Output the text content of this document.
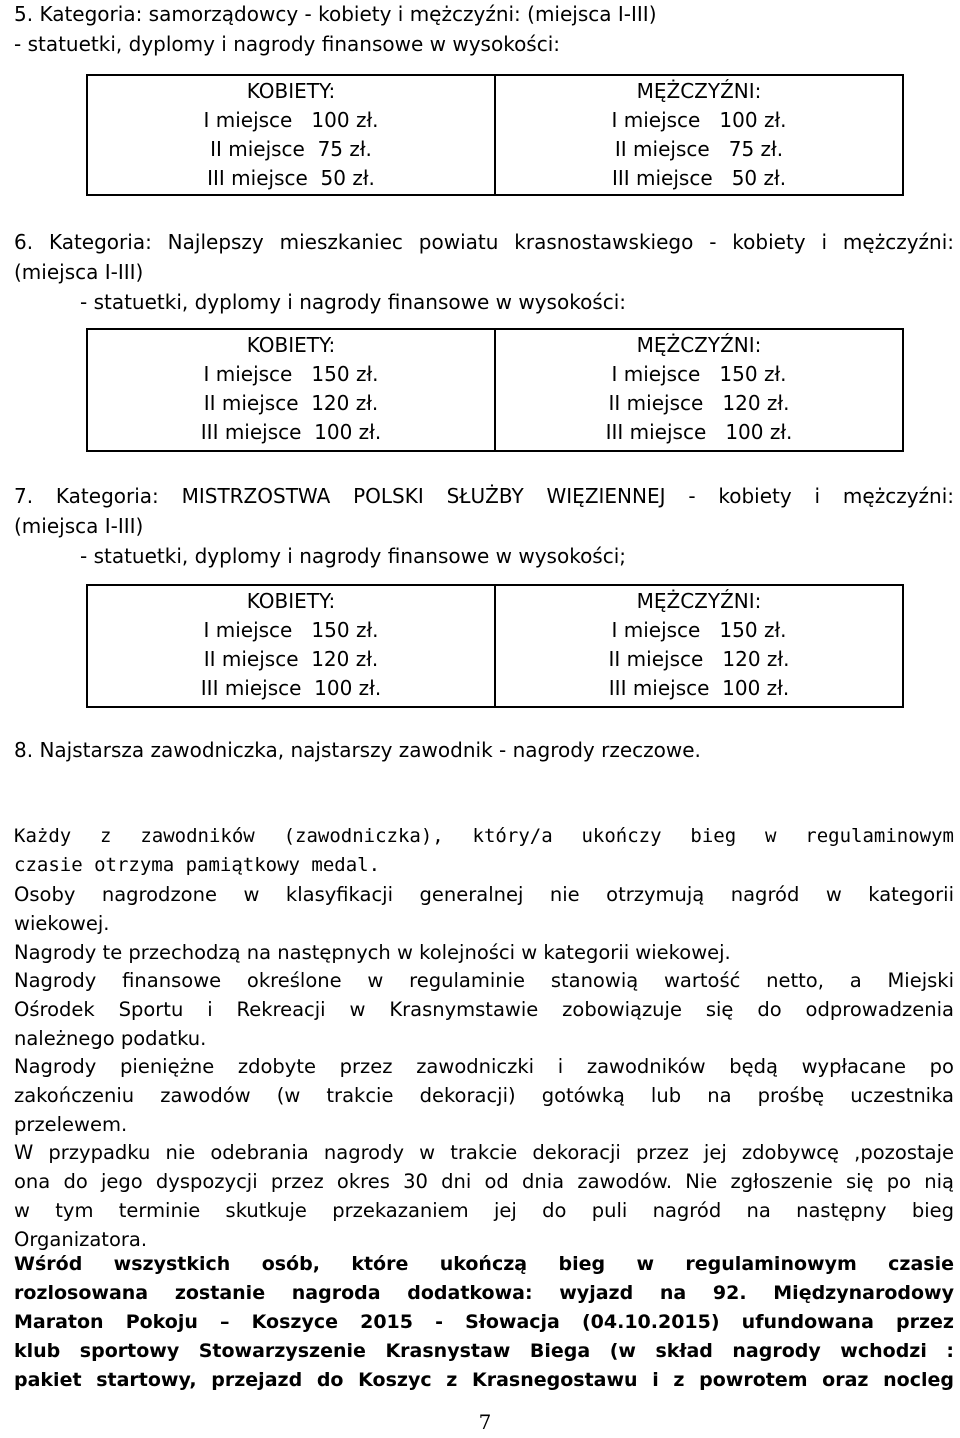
5. Kategoria: samorządowcy - kobiety i mężczyźni: (miejsca I-III)
- statuetki, dyplomy i nagrody finansowe w wysokości:
KOBIETY:
I miejsce   100 zł.
II miejsce  75 zł.
III miejsce  50 zł.
MĘŻCZYŹNI:
I miejsce   100 zł.
II miejsce   75 zł.
III miejsce   50 zł.
6. Kategoria: Najlepszy mieszkaniec powiatu krasnostawskiego - kobiety i mężczyźni:
(miejsca I-III)
- statuetki, dyplomy i nagrody finansowe w wysokości:
KOBIETY:
I miejsce   150 zł.
II miejsce  120 zł.
III miejsce  100 zł.
MĘŻCZYŹNI:
I miejsce   150 zł.
II miejsce   120 zł.
III miejsce   100 zł.
7. Kategoria: MISTRZOSTWA POLSKI SŁUŻBY WIĘZIENNEJ - kobiety i mężczyźni:
(miejsca I-III)
- statuetki, dyplomy i nagrody finansowe w wysokości;
KOBIETY:
I miejsce   150 zł.
II miejsce  120 zł.
III miejsce  100 zł.
MĘŻCZYŹNI:
I miejsce   150 zł.
II miejsce   120 zł.
III miejsce  100 zł.
8. Najstarsza zawodniczka, najstarszy zawodnik - nagrody rzeczowe.
Każdy z zawodników (zawodniczka), który/a ukończy bieg w regulaminowym
czasie otrzyma pamiątkowy medal.
Osoby nagrodzone w klasyfikacji generalnej nie otrzymują nagród w kategorii
wiekowej.
Nagrody te przechodzą na następnych w kolejności w kategorii wiekowej.
Nagrody finansowe określone w regulaminie stanowią wartość netto, a Miejski
Ośrodek Sportu i Rekreacji w Krasnymstawie zobowiązuje się do odprowadzenia
należnego podatku.
Nagrody pieniężne zdobyte przez zawodniczki i zawodników będą wypłacane po
zakończeniu zawodów (w trakcie dekoracji) gotówką lub na prośbę uczestnika
przelewem.
W przypadku nie odebrania nagrody w trakcie dekoracji przez jej zdobywcę ,pozostaje
ona do jego dyspozycji przez okres 30 dni od dnia zawodów. Nie zgłoszenie się po nią
w tym terminie skutkuje przekazaniem jej do puli nagród na następny bieg
Organizatora.
Wśród wszystkich osób, które ukończą bieg w regulaminowym czasie
rozlosowana zostanie nagroda dodatkowa: wyjazd na 92. Międzynarodowy
Maraton Pokoju – Koszyce 2015 - Słowacja (04.10.2015) ufundowana przez
klub sportowy Stowarzyszenie Krasnystaw Biega (w skład nagrody wchodzi :
pakiet startowy, przejazd do Koszyc z Krasnegostawu i z powrotem oraz nocleg
7
